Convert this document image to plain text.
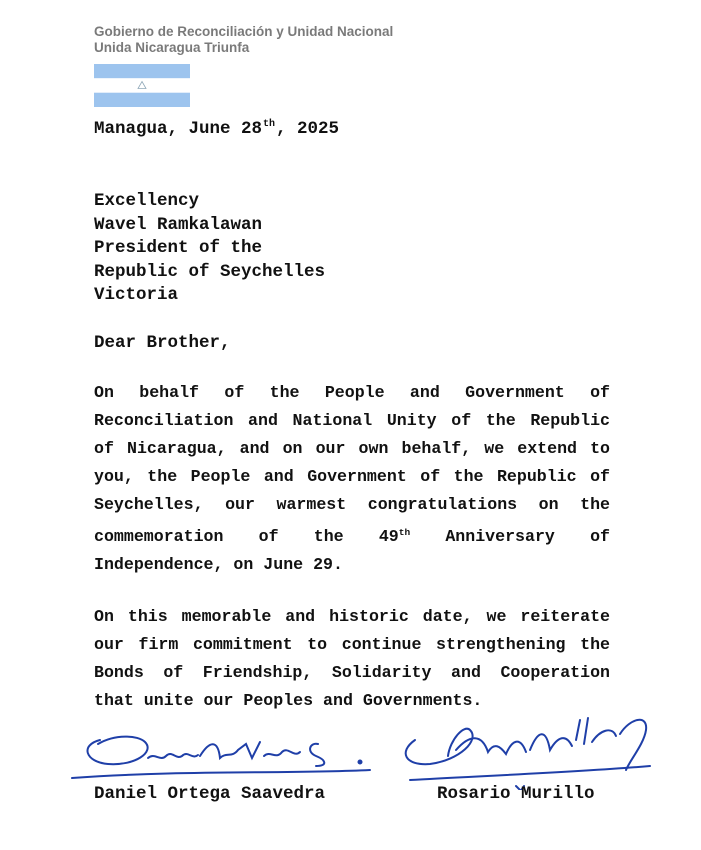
Gobierno de Reconciliación y Unidad Nacional
Unida Nicaragua Triunfa
Managua, June 28th, 2025
Excellency
Wavel Ramkalawan
President of the
Republic of Seychelles
Victoria
Dear Brother,
On behalf of the People and Government of Reconciliation and National Unity of the Republic of Nicaragua, and on our own behalf, we extend to you, the People and Government of the Republic of Seychelles, our warmest congratulations on the commemoration of the 49th Anniversary of Independence, on June 29.
On this memorable and historic date, we reiterate our firm commitment to continue strengthening the Bonds of Friendship, Solidarity and Cooperation that unite our Peoples and Governments.
Daniel Ortega Saavedra	Rosario Murillo
